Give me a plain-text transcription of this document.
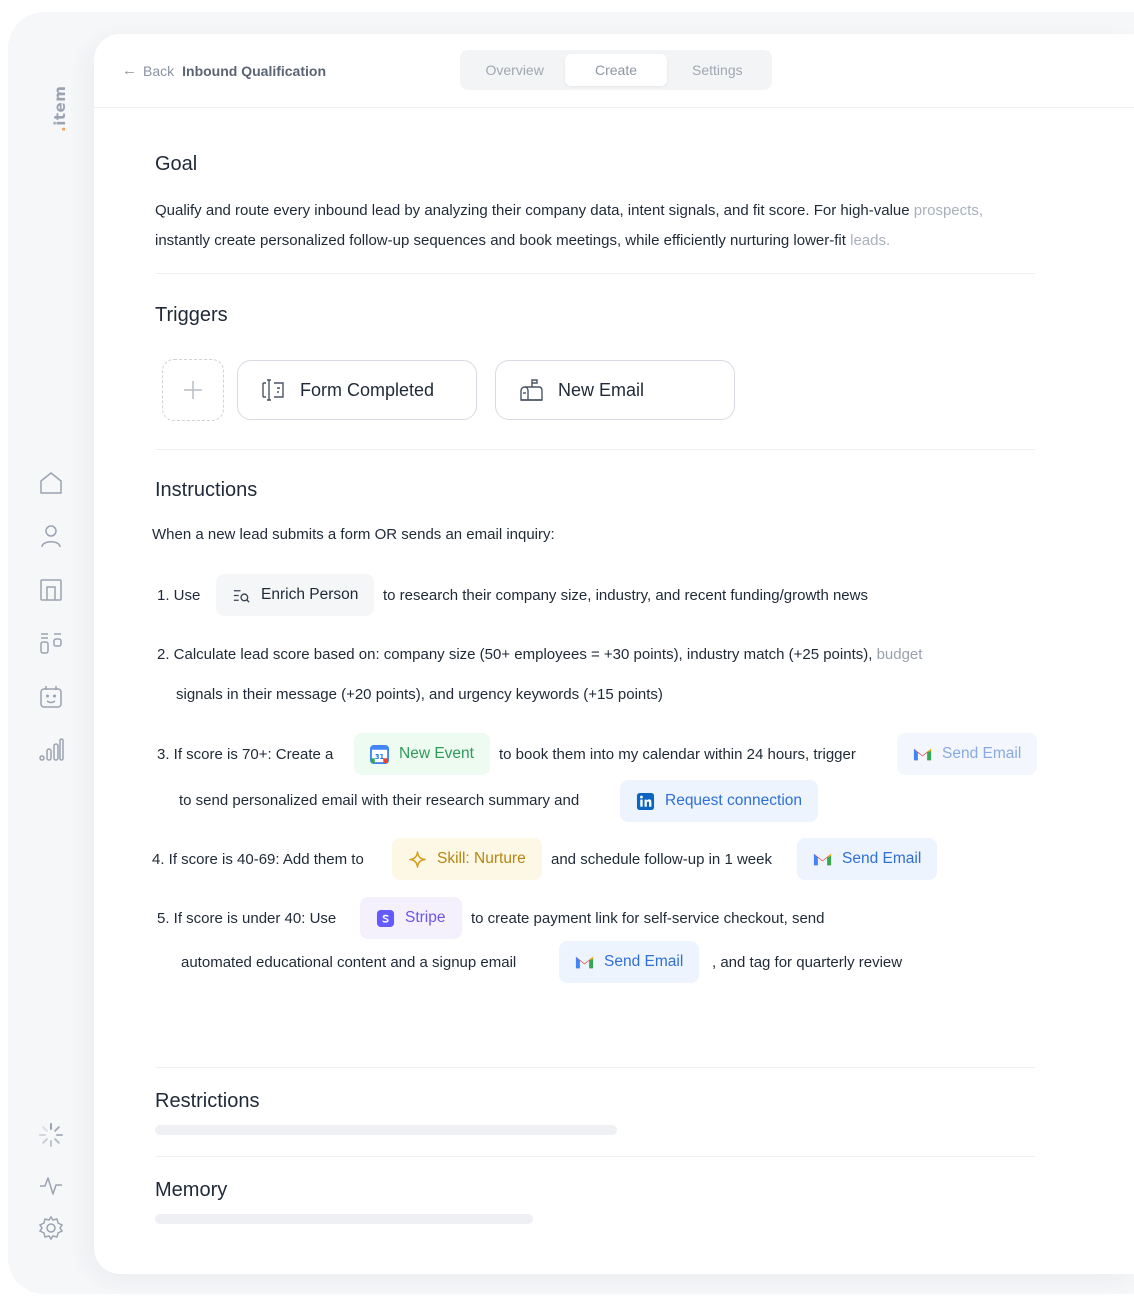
.item
← Back Inbound Qualification	Overview	Create	Settings
Goal
Qualify and route every inbound lead by analyzing their company data, intent signals, and fit score. For high-value prospects,
instantly create personalized follow-up sequences and book meetings, while efficiently nurturing lower-fit leads.
Triggers
Form Completed	New Email
Instructions
When a new lead submits a form OR sends an email inquiry:
1. Use	Enrich Person to research their company size, industry, and recent funding/growth news
2. Calculate lead score based on: company size (50+ employees = +30 points), industry match (+25 points), budget
signals in their message (+20 points), and urgency keywords (+15 points)
3. If score is 70+: Create a	31 New Event to book them into my calendar within 24 hours, trigger	Send Email
to send personalized email with their research summary and	Request connection
4. If score is 40-69: Add them to	Skill: Nurture and schedule follow-up in 1 week	Send Email
5. If score is under 40: Use	Stripe to create payment link for self-service checkout, send
automated educational content and a signup email	Send Email , and tag for quarterly review
Restrictions
Memory
